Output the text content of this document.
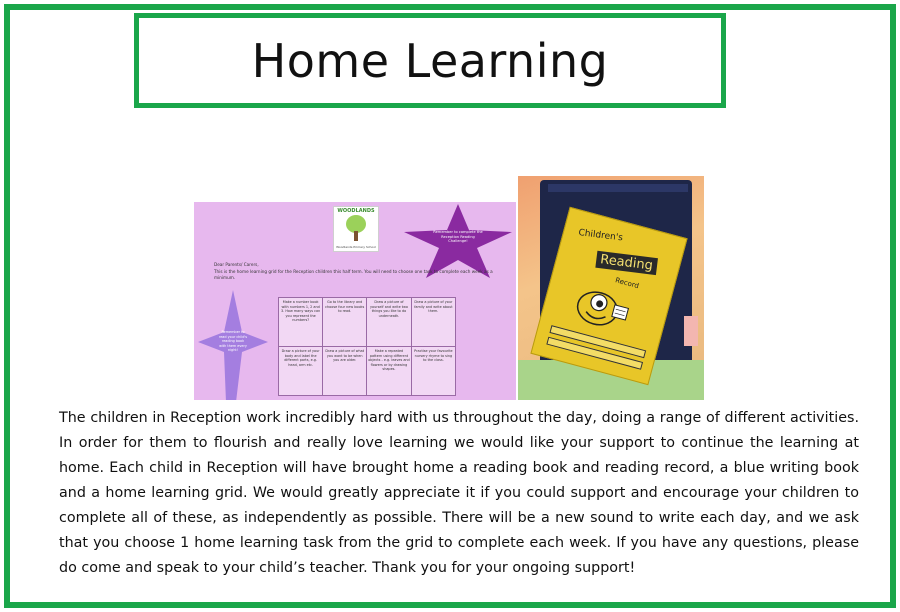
Home Learning
WOODLANDS
Woodlands Primary School
Remember to complete the Reception Reading Challenge!
Remember to read your child's reading book with them every night!
Dear Parents/ Carers,
This is the home learning grid for the Reception children this half term. You will need to choose one task to complete each week as a minimum.
Make a number book with numbers 1, 2 and 3. How many ways can you represent the numbers?	Go to the library and choose four new books to read.	Draw a picture of yourself and write two things you like to do underneath.	Draw a picture of your family and write about them.
Draw a picture of your body and label the different parts, e.g. head, arm etc.	Draw a picture of what you want to be when you are older.	Make a repeated pattern using different objects - e.g. leaves and flowers or by drawing shapes.	Practise your favourite nursery rhyme to sing to the class.
Children's
Reading
Record

The children in Reception work incredibly hard with us throughout the day, doing a range of different activities. In order for them to flourish and really love learning we would like your support to continue the learning at home. Each child in Reception will have brought home a reading book and reading record, a blue writing book and a home learning grid. We would greatly appreciate it if you could support and encourage your children to complete all of these, as independently as possible. There will be a new sound to write each day, and we ask that you choose 1 home learning task from the grid to complete each week. If you have any questions, please do come and speak to your child’s teacher. Thank you for your ongoing support!
